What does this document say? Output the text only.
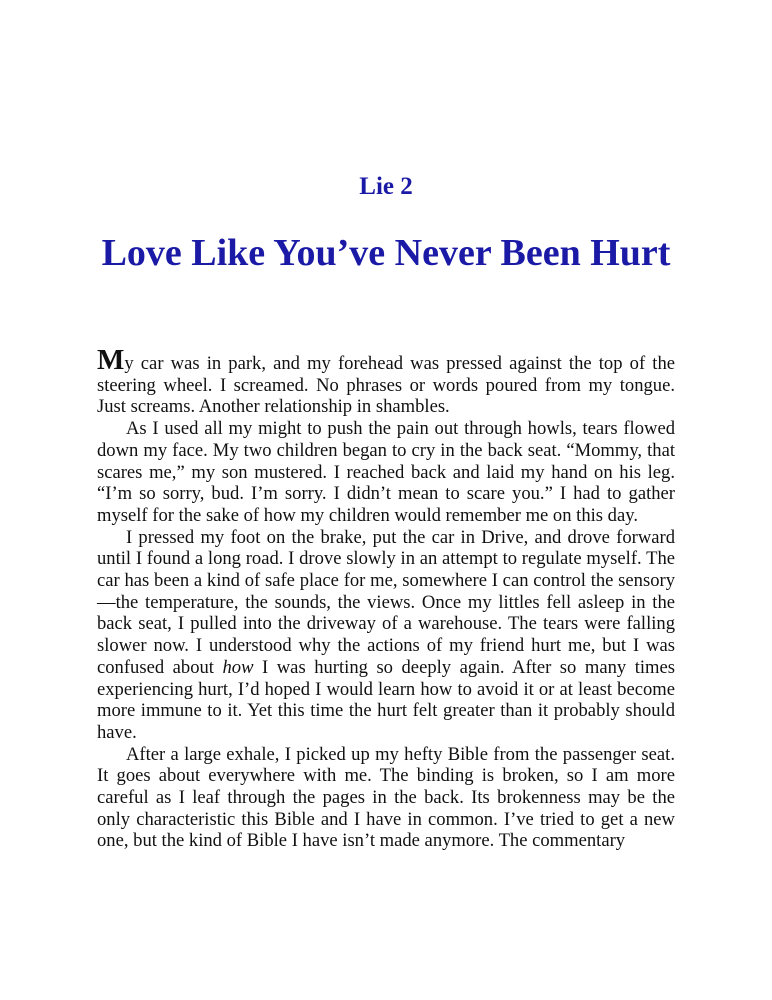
Lie 2
Love Like You’ve Never Been Hurt

My car was in park, and my forehead was pressed against the top of the steering wheel. I screamed. No phrases or words poured from my tongue. Just screams. Another relationship in shambles.

As I used all my might to push the pain out through howls, tears flowed down my face. My two children began to cry in the back seat. “Mommy, that scares me,” my son mustered. I reached back and laid my hand on his leg. “I’m so sorry, bud. I’m sorry. I didn’t mean to scare you.” I had to gather myself for the sake of how my children would remember me on this day.

I pressed my foot on the brake, put the car in Drive, and drove forward until I found a long road. I drove slowly in an attempt to regulate myself. The car has been a kind of safe place for me, somewhere I can control the sensory—the temperature, the sounds, the views. Once my littles fell asleep in the back seat, I pulled into the driveway of a warehouse. The tears were falling slower now. I understood why the actions of my friend hurt me, but I was confused about how I was hurting so deeply again. After so many times experiencing hurt, I’d hoped I would learn how to avoid it or at least become more immune to it. Yet this time the hurt felt greater than it probably should have.

After a large exhale, I picked up my hefty Bible from the passenger seat. It goes about everywhere with me. The binding is broken, so I am more careful as I leaf through the pages in the back. Its brokenness may be the only characteristic this Bible and I have in common. I’ve tried to get a new one, but the kind of Bible I have isn’t made anymore. The commentary
